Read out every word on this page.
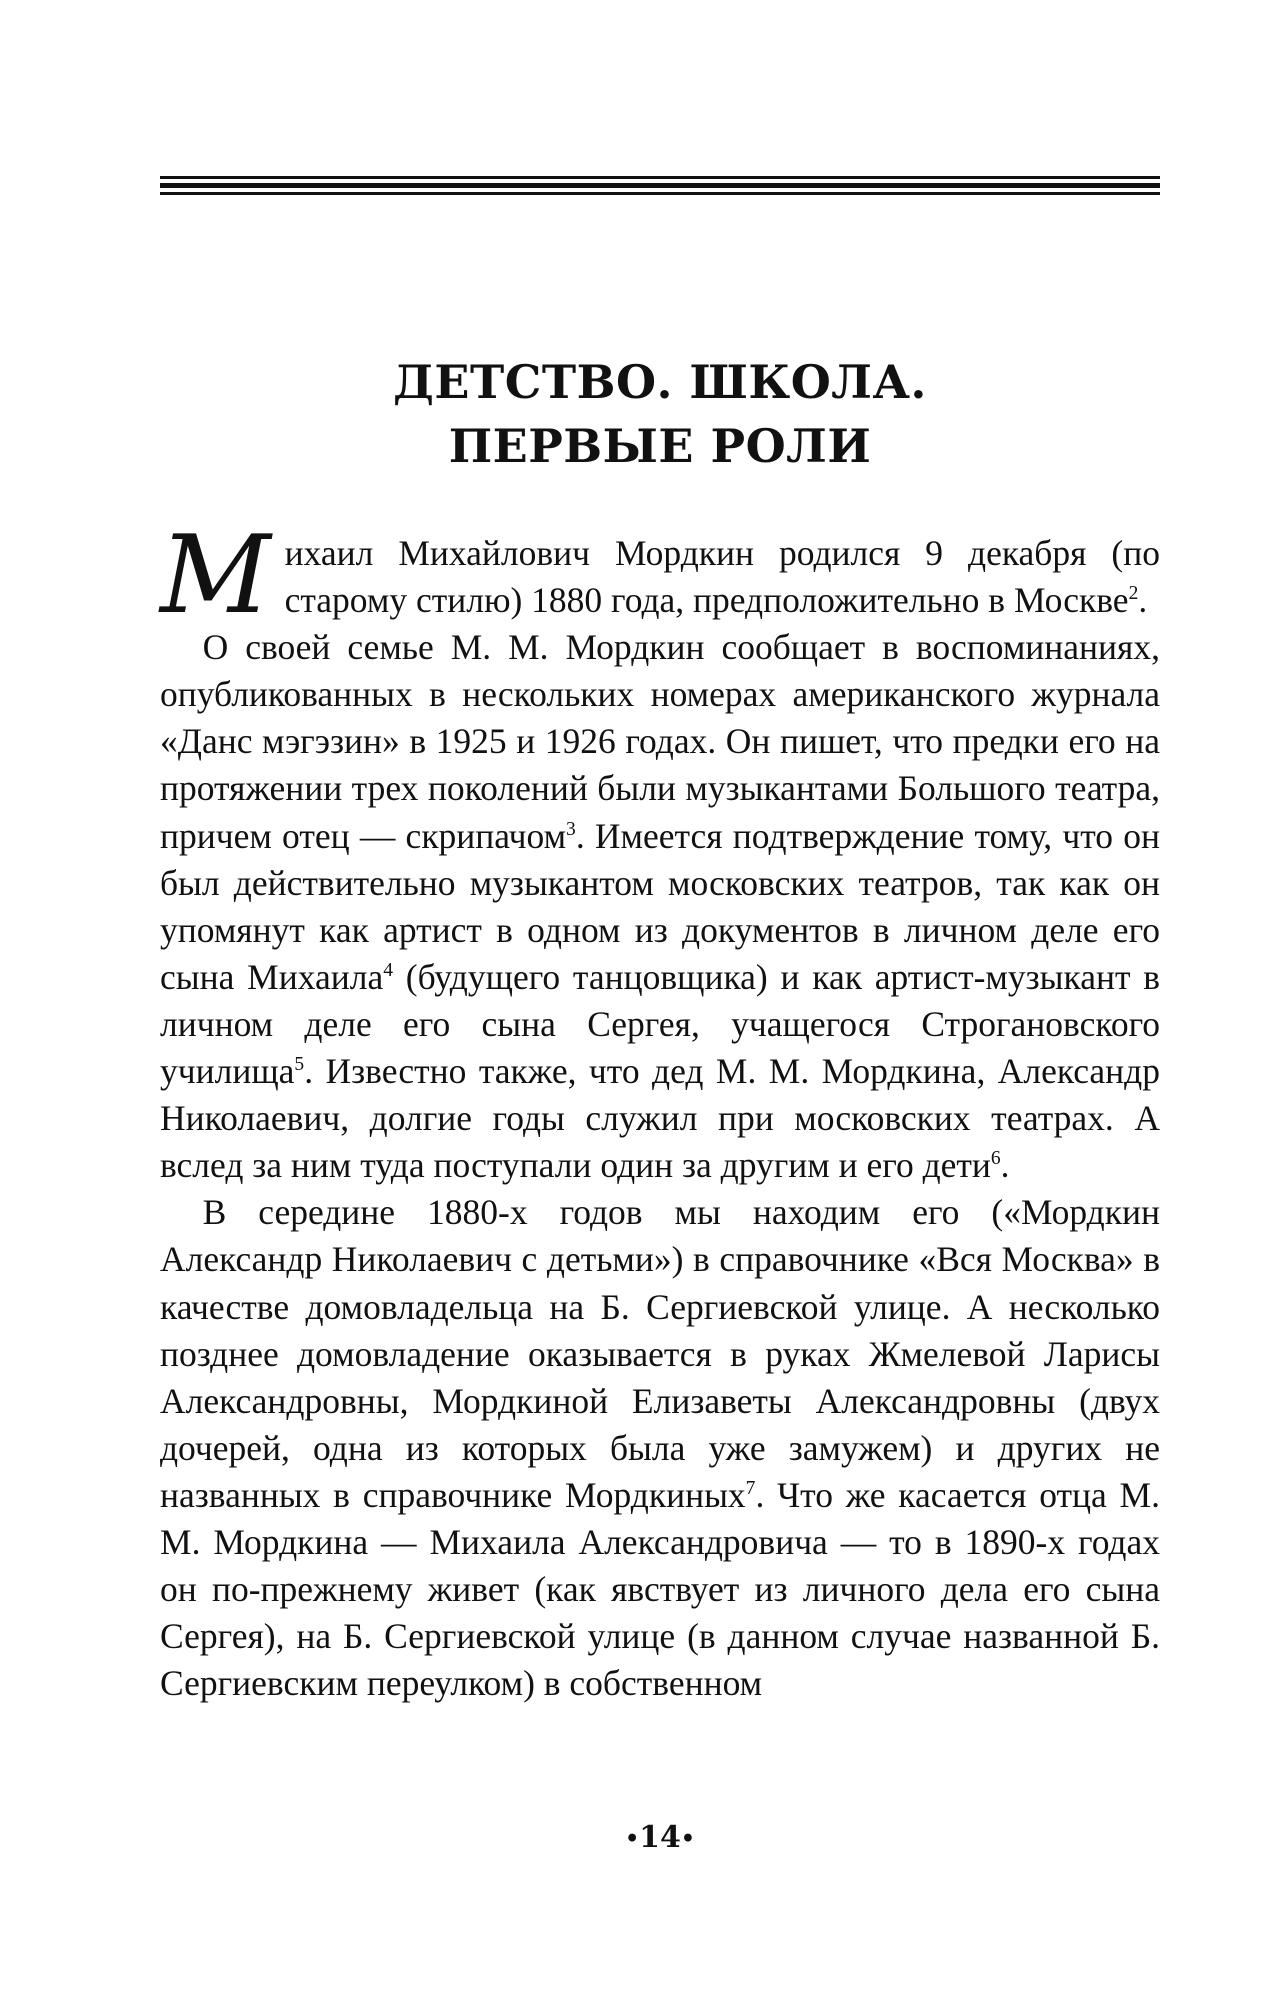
ДЕТСТВО. ШКОЛА.
ПЕРВЫЕ РОЛИ

Михаил Михайлович Мордкин родился 9 декабря (по старому стилю) 1880 года, предположительно в Москве$^2$.

О своей семье М. М. Мордкин сообщает в воспоминаниях, опубликованных в нескольких номерах американского журнала «Данс мэгэзин» в 1925 и 1926 годах. Он пишет, что предки его на протяжении трех поколений были музыкантами Большого театра, причем отец — скрипачом$^3$. Имеется подтверждение тому, что он был действительно музыкантом московских театров, так как он упомянут как артист в одном из документов в личном деле его сына Михаила$^4$ (будущего танцовщика) и как артист-музыкант в личном деле его сына Сергея, учащегося Строгановского училища$^5$. Известно также, что дед М. М. Мордкина, Александр Николаевич, долгие годы служил при московских театрах. А вслед за ним туда поступали один за другим и его дети$^6$.

В середине 1880-х годов мы находим его («Мордкин Александр Николаевич с детьми») в справочнике «Вся Москва» в качестве домовладельца на Б. Сергиевской улице. А несколько позднее домовладение оказывается в руках Жмелевой Ларисы Александровны, Мордкиной Елизаветы Александровны (двух дочерей, одна из которых была уже замужем) и других не названных в справочнике Мордкиных$^7$. Что же касается отца М. М. Мордкина — Михаила Александровича — то в 1890-х годах он по-прежнему живет (как явствует из личного дела его сына Сергея), на Б. Сергиевской улице (в данном случае названной Б. Сергиевским переулком) в собственном

•14•
